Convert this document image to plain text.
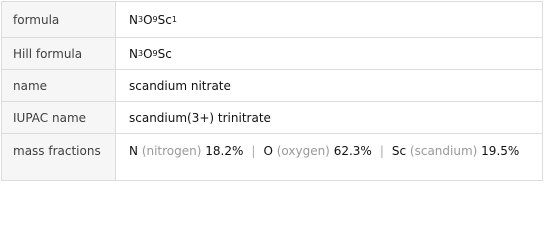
formula	N 3 O 9 Sc 1
Hill formula	N 3 O 9 Sc
name	scandium nitrate
IUPAC name	scandium(3+) trinitrate
mass fractions	N (nitrogen) 18.2% | O (oxygen) 62.3% | Sc (scandium) 19.5%
